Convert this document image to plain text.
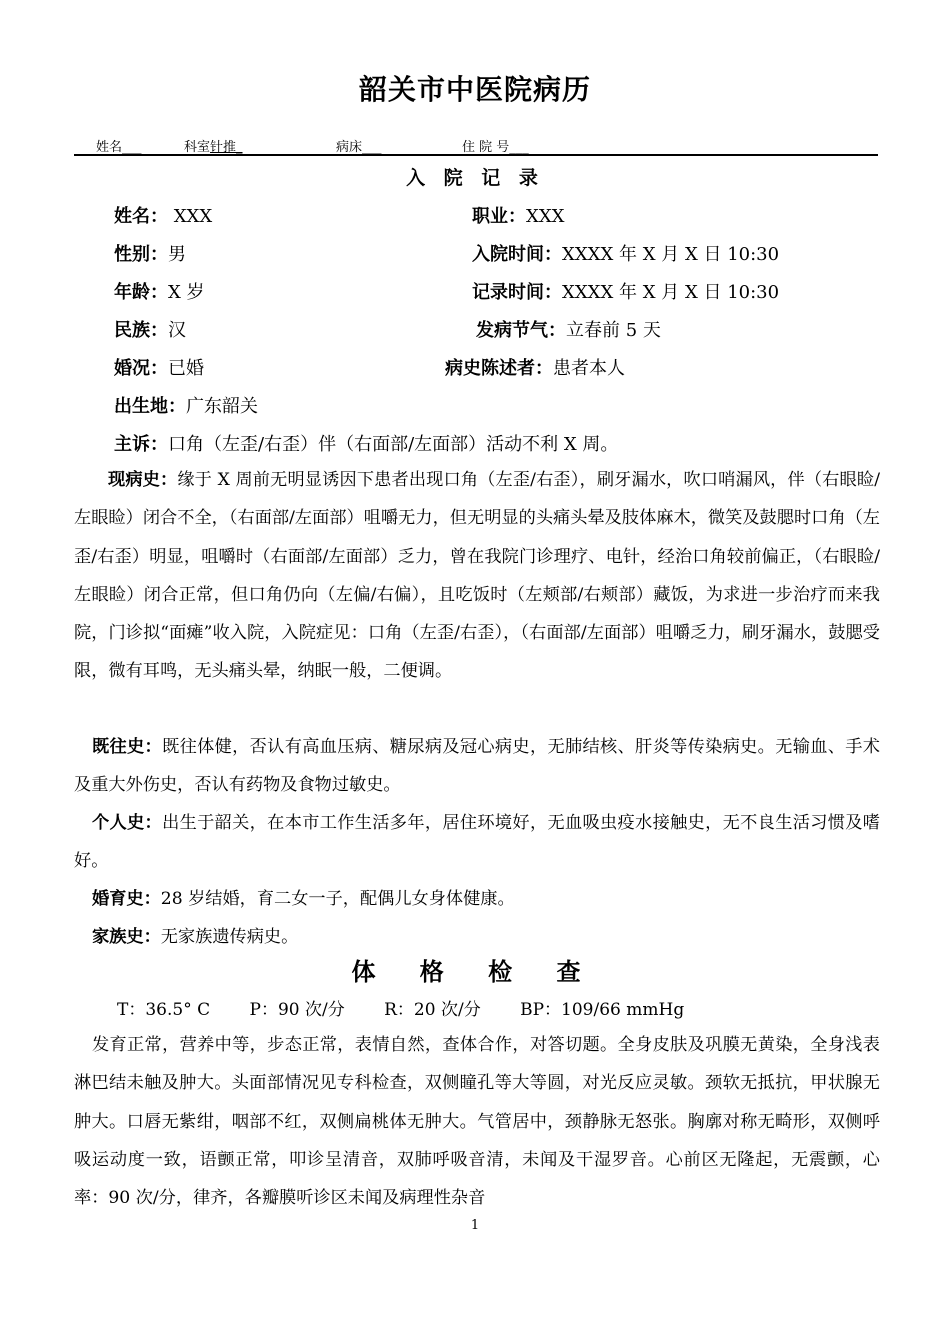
韶关市中医院病历
姓名___	科室针推_	病床___	住 院 号___
入 院 记 录
姓名： XXX	职业：XXX
性别：男	入院时间：XXXX 年 X 月 X 日 10:30
年龄：X 岁	记录时间：XXXX 年 X 月 X 日 10:30
民族：汉	发病节气：立春前 5 天
婚况：已婚	病史陈述者：患者本人
出生地：广东韶关
主诉：口角（左歪/右歪）伴（右面部/左面部）活动不利 X 周。
现病史：缘于 X 周前无明显诱因下患者出现口角（左歪/右歪），刷牙漏水，吹口哨漏风，伴（右眼睑/左眼睑）闭合不全，（右面部/左面部）咀嚼无力，但无明显的头痛头晕及肢体麻木，微笑及鼓腮时口角（左歪/右歪）明显，咀嚼时（右面部/左面部）乏力，曾在我院门诊理疗、电针，经治口角较前偏正，（右眼睑/左眼睑）闭合正常，但口角仍向（左偏/右偏），且吃饭时（左颊部/右颊部）藏饭，为求进一步治疗而来我院，门诊拟“面瘫”收入院，入院症见：口角（左歪/右歪），（右面部/左面部）咀嚼乏力，刷牙漏水，鼓腮受限，微有耳鸣，无头痛头晕，纳眠一般，二便调。
既往史：既往体健，否认有高血压病、糖尿病及冠心病史，无肺结核、肝炎等传染病史。无输血、手术及重大外伤史，否认有药物及食物过敏史。
个人史：出生于韶关，在本市工作生活多年，居住环境好，无血吸虫疫水接触史，无不良生活习惯及嗜好。
婚育史：28 岁结婚，育二女一子，配偶儿女身体健康。
家族史：无家族遗传病史。
体 格 检 查
T：36.5° C P：90 次/分 R：20 次/分 BP：109/66 mmHg
发育正常，营养中等，步态正常，表情自然，查体合作，对答切题。全身皮肤及巩膜无黄染，全身浅表淋巴结未触及肿大。头面部情况见专科检查，双侧瞳孔等大等圆，对光反应灵敏。颈软无抵抗，甲状腺无肿大。口唇无紫绀，咽部不红，双侧扁桃体无肿大。气管居中，颈静脉无怒张。胸廓对称无畸形，双侧呼吸运动度一致，语颤正常，叩诊呈清音，双肺呼吸音清，未闻及干湿罗音。心前区无隆起，无震颤，心率：90 次/分，律齐，各瓣膜听诊区未闻及病理性杂音
1
